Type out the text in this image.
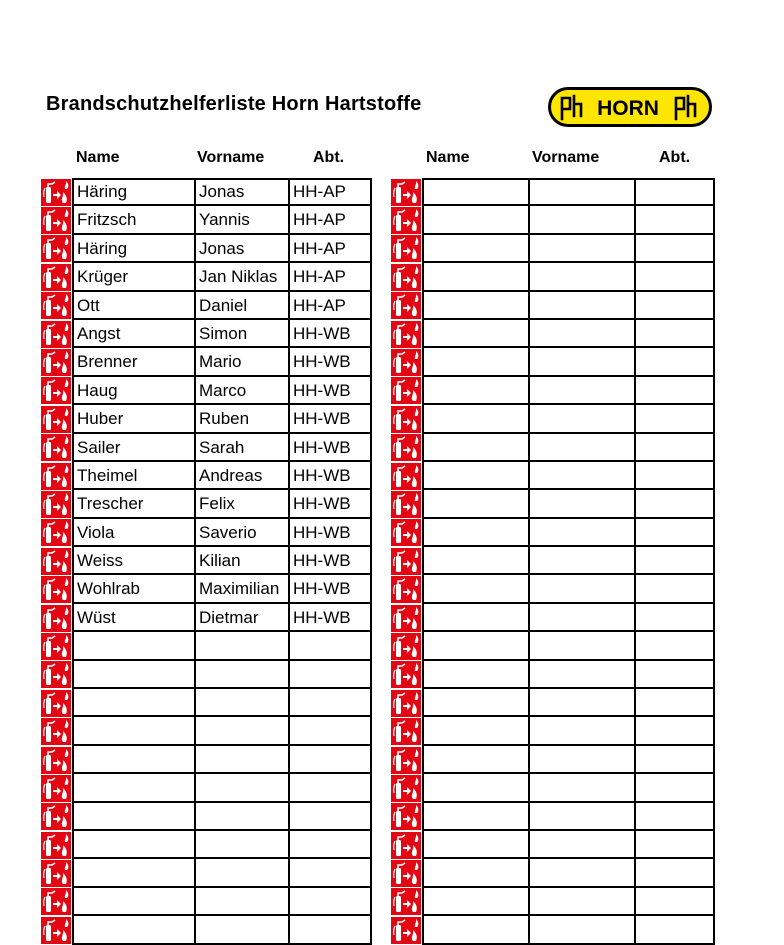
Brandschutzhelferliste Horn Hartstoffe	HORN
Name	Vorname	Abt.	Name	Vorname	Abt.
Häring	Jonas	HH-AP
Fritzsch	Yannis	HH-AP
Häring	Jonas	HH-AP
Krüger	Jan Niklas HH-AP
Ott	Daniel	HH-AP
Angst	Simon	HH-WB
Brenner	Mario	HH-WB
Haug	Marco	HH-WB
Huber	Ruben	HH-WB
Sailer	Sarah	HH-WB
Theimel	Andreas	HH-WB
Trescher	Felix	HH-WB
Viola	Saverio	HH-WB
Weiss	Kilian	HH-WB
Wohlrab	Maximilian HH-WB
Wüst	Dietmar	HH-WB
